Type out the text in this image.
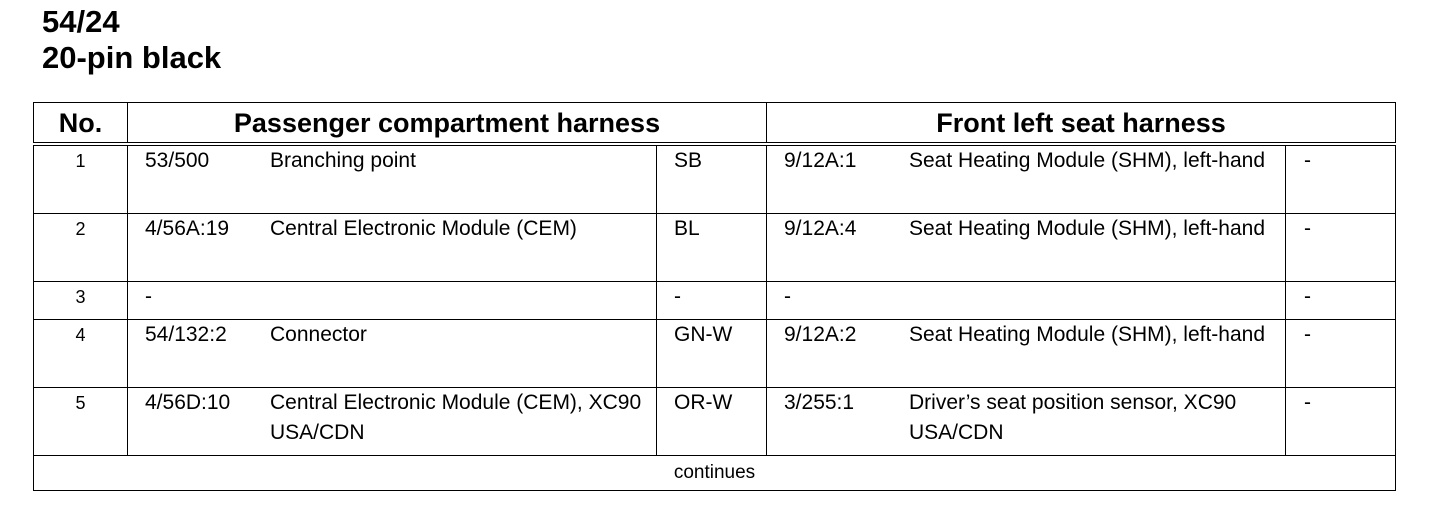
54/24
20-pin black
No.	Passenger compartment harness		Front left seat harness	
1	53/500 Branching point	SB	9/12A:1 Seat Heating Module (SHM), left-hand	-
2	4/56A:19 Central Electronic Module (CEM)	BL	9/12A:4 Seat Heating Module (SHM), left-hand	-
3	-	-	-	-
4	54/132:2 Connector	GN-W	9/12A:2 Seat Heating Module (SHM), left-hand	-
5	4/56D:10 Central Electronic Module (CEM), XC90 USA/CDN	OR-W	3/255:1 Driver’s seat position sensor, XC90 USA/CDN	-
continues				
